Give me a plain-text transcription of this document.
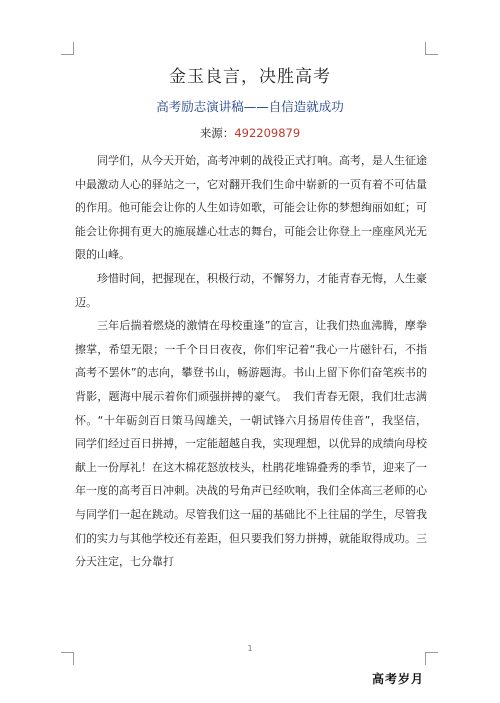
金玉良言，决胜高考
高考励志演讲稿——自信造就成功
来源：492209879

同学们，从今天开始，高考冲刺的战役正式打响。高考，是人生征途中最激动人心的驿站之一，它对翻开我们生命中崭新的一页有着不可估量的作用。他可能会让你的人生如诗如歌，可能会让你的梦想绚丽如虹；可能会让你拥有更大的施展雄心壮志的舞台，可能会让你登上一座座风光无限的山峰。

珍惜时间，把握现在，积极行动，不懈努力，才能青春无悔，人生豪迈。

三年后揣着燃烧的激情在母校重逢”的宣言，让我们热血沸腾，摩拳擦掌，希望无限；一千个日日夜夜，你们牢记着“我心一片磁针石，不指高考不罢休”的志向，攀登书山，畅游题海。书山上留下你们奋笔疾书的背影，题海中展示着你们顽强拼搏的豪气。　我们青春无限，我们壮志满怀。“十年砺剑百日策马闯雄关，一朝试锋六月扬眉传佳音”，我坚信，同学们经过百日拼搏，一定能超越自我，实现理想，以优异的成绩向母校献上一份厚礼！在这木棉花怒放枝头，杜鹃花堆锦叠秀的季节，迎来了一年一度的高考百日冲刺。决战的号角声已经吹响，我们全体高三老师的心与同学们一起在跳动。尽管我们这一届的基础比不上往届的学生，尽管我们的实力与其他学校还有差距，但只要我们努力拼搏，就能取得成功。三分天注定，七分靠打

1
高考岁月
